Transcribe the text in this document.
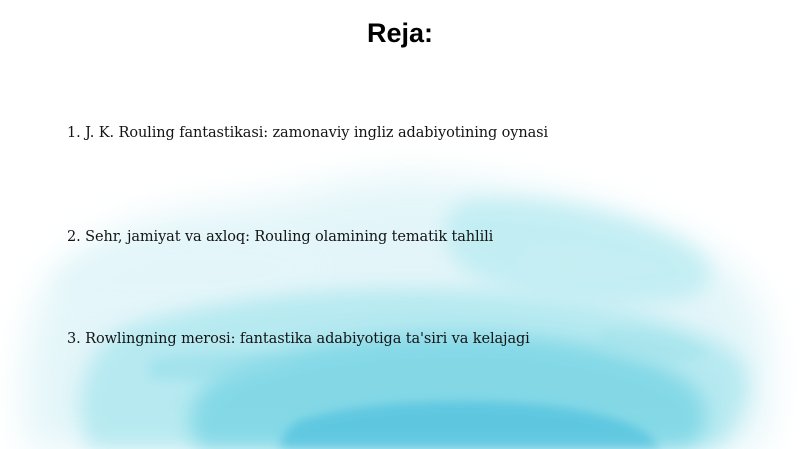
Reja:
1. J. K. Rouling fantastikasi: zamonaviy ingliz adabiyotining oynasi
2. Sehr, jamiyat va axloq: Rouling olamining tematik tahlili
3. Rowlingning merosi: fantastika adabiyotiga ta'siri va kelajagi
